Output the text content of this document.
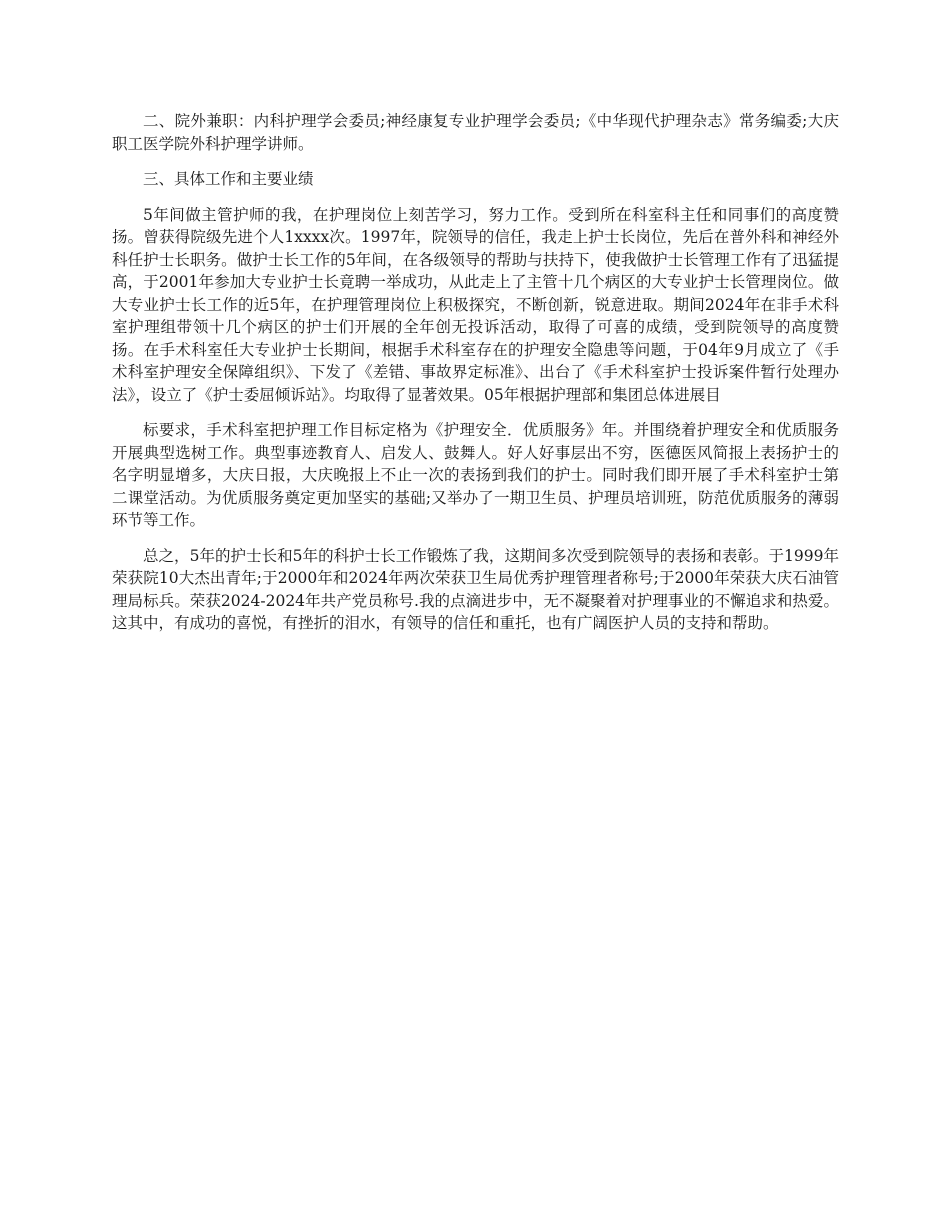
二、院外兼职：内科护理学会委员;神经康复专业护理学会委员;《中华现代护理杂志》常务编委;大庆职工医学院外科护理学讲师。

三、具体工作和主要业绩

5年间做主管护师的我，在护理岗位上刻苦学习，努力工作。受到所在科室科主任和同事们的高度赞扬。曾获得院级先进个人1xxxx次。1997年，院领导的信任，我走上护士长岗位，先后在普外科和神经外科任护士长职务。做护士长工作的5年间，在各级领导的帮助与扶持下，使我做护士长管理工作有了迅猛提高，于2001年参加大专业护士长竟聘一举成功，从此走上了主管十几个病区的大专业护士长管理岗位。做大专业护士长工作的近5年，在护理管理岗位上积极探究，不断创新，锐意进取。期间2024年在非手术科室护理组带领十几个病区的护士们开展的全年创无投诉活动，取得了可喜的成绩，受到院领导的高度赞扬。在手术科室任大专业护士长期间，根据手术科室存在的护理安全隐患等问题，于04年9月成立了《手术科室护理安全保障组织》、下发了《差错、事故界定标准》、出台了《手术科室护士投诉案件暂行处理办法》，设立了《护士委屈倾诉站》。均取得了显著效果。05年根据护理部和集团总体进展目

标要求，手术科室把护理工作目标定格为《护理安全．优质服务》年。并围绕着护理安全和优质服务开展典型选树工作。典型事迹教育人、启发人、鼓舞人。好人好事层出不穷，医德医风简报上表扬护士的名字明显增多，大庆日报，大庆晚报上不止一次的表扬到我们的护士。同时我们即开展了手术科室护士第二课堂活动。为优质服务奠定更加坚实的基础;又举办了一期卫生员、护理员培训班，防范优质服务的薄弱环节等工作。

总之，5年的护士长和5年的科护士长工作锻炼了我，这期间多次受到院领导的表扬和表彰。于1999年荣获院10大杰出青年;于2000年和2024年两次荣获卫生局优秀护理管理者称号;于2000年荣获大庆石油管理局标兵。荣获2024-2024年共产党员称号.我的点滴进步中，无不凝聚着对护理事业的不懈追求和热爱。这其中，有成功的喜悦，有挫折的泪水，有领导的信任和重托，也有广阔医护人员的支持和帮助。
